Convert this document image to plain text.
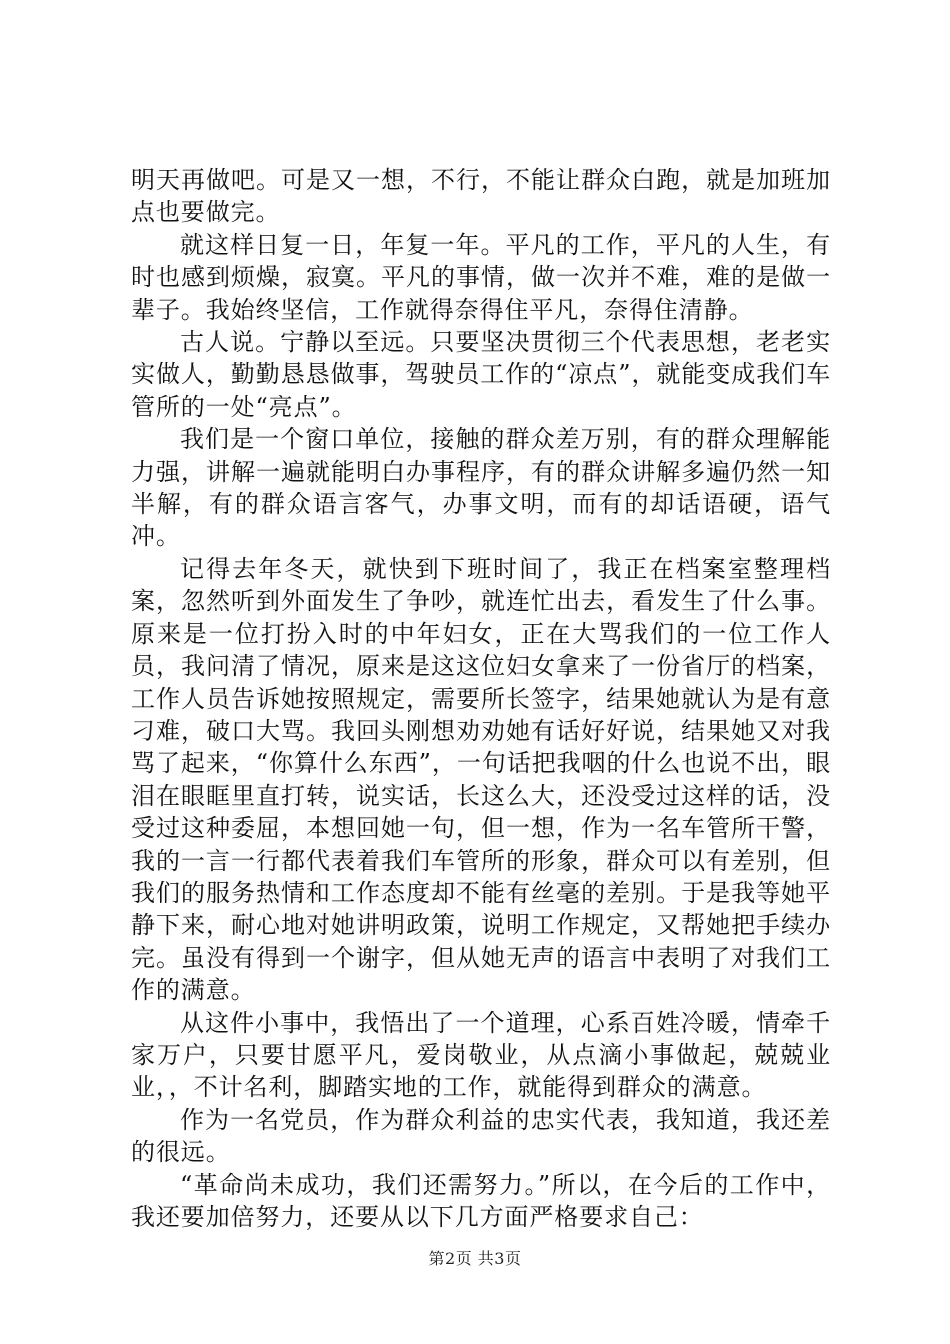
明天再做吧。可是又一想，不行，不能让群众白跑，就是加班加点也要做完。

就这样日复一日，年复一年。平凡的工作，平凡的人生，有时也感到烦燥，寂寞。平凡的事情，做一次并不难，难的是做一辈子。我始终坚信，工作就得奈得住平凡，奈得住清静。

古人说。宁静以至远。只要坚决贯彻三个代表思想，老老实实做人，勤勤恳恳做事，驾驶员工作的“凉点”，就能变成我们车管所的一处“亮点”。

我们是一个窗口单位，接触的群众差万别，有的群众理解能力强，讲解一遍就能明白办事程序，有的群众讲解多遍仍然一知半解，有的群众语言客气，办事文明，而有的却话语硬，语气冲。

记得去年冬天，就快到下班时间了，我正在档案室整理档案，忽然听到外面发生了争吵，就连忙出去，看发生了什么事。原来是一位打扮入时的中年妇女，正在大骂我们的一位工作人员，我问清了情况，原来是这这位妇女拿来了一份省厅的档案，工作人员告诉她按照规定，需要所长签字，结果她就认为是有意刁难，破口大骂。我回头刚想劝劝她有话好好说，结果她又对我骂了起来，“你算什么东西”，一句话把我咽的什么也说不出，眼泪在眼眶里直打转，说实话，长这么大，还没受过这样的话，没受过这种委屈，本想回她一句，但一想，作为一名车管所干警，我的一言一行都代表着我们车管所的形象，群众可以有差别，但我们的服务热情和工作态度却不能有丝毫的差别。于是我等她平静下来，耐心地对她讲明政策，说明工作规定，又帮她把手续办完。虽没有得到一个谢字，但从她无声的语言中表明了对我们工作的满意。

从这件小事中，我悟出了一个道理，心系百姓冷暖，情牵千家万户，只要甘愿平凡，爱岗敬业，从点滴小事做起，兢兢业业，，不计名利，脚踏实地的工作，就能得到群众的满意。

作为一名党员，作为群众利益的忠实代表，我知道，我还差的很远。

“革命尚未成功，我们还需努力。”所以，在今后的工作中，我还要加倍努力，还要从以下几方面严格要求自己：

第2页 共3页
